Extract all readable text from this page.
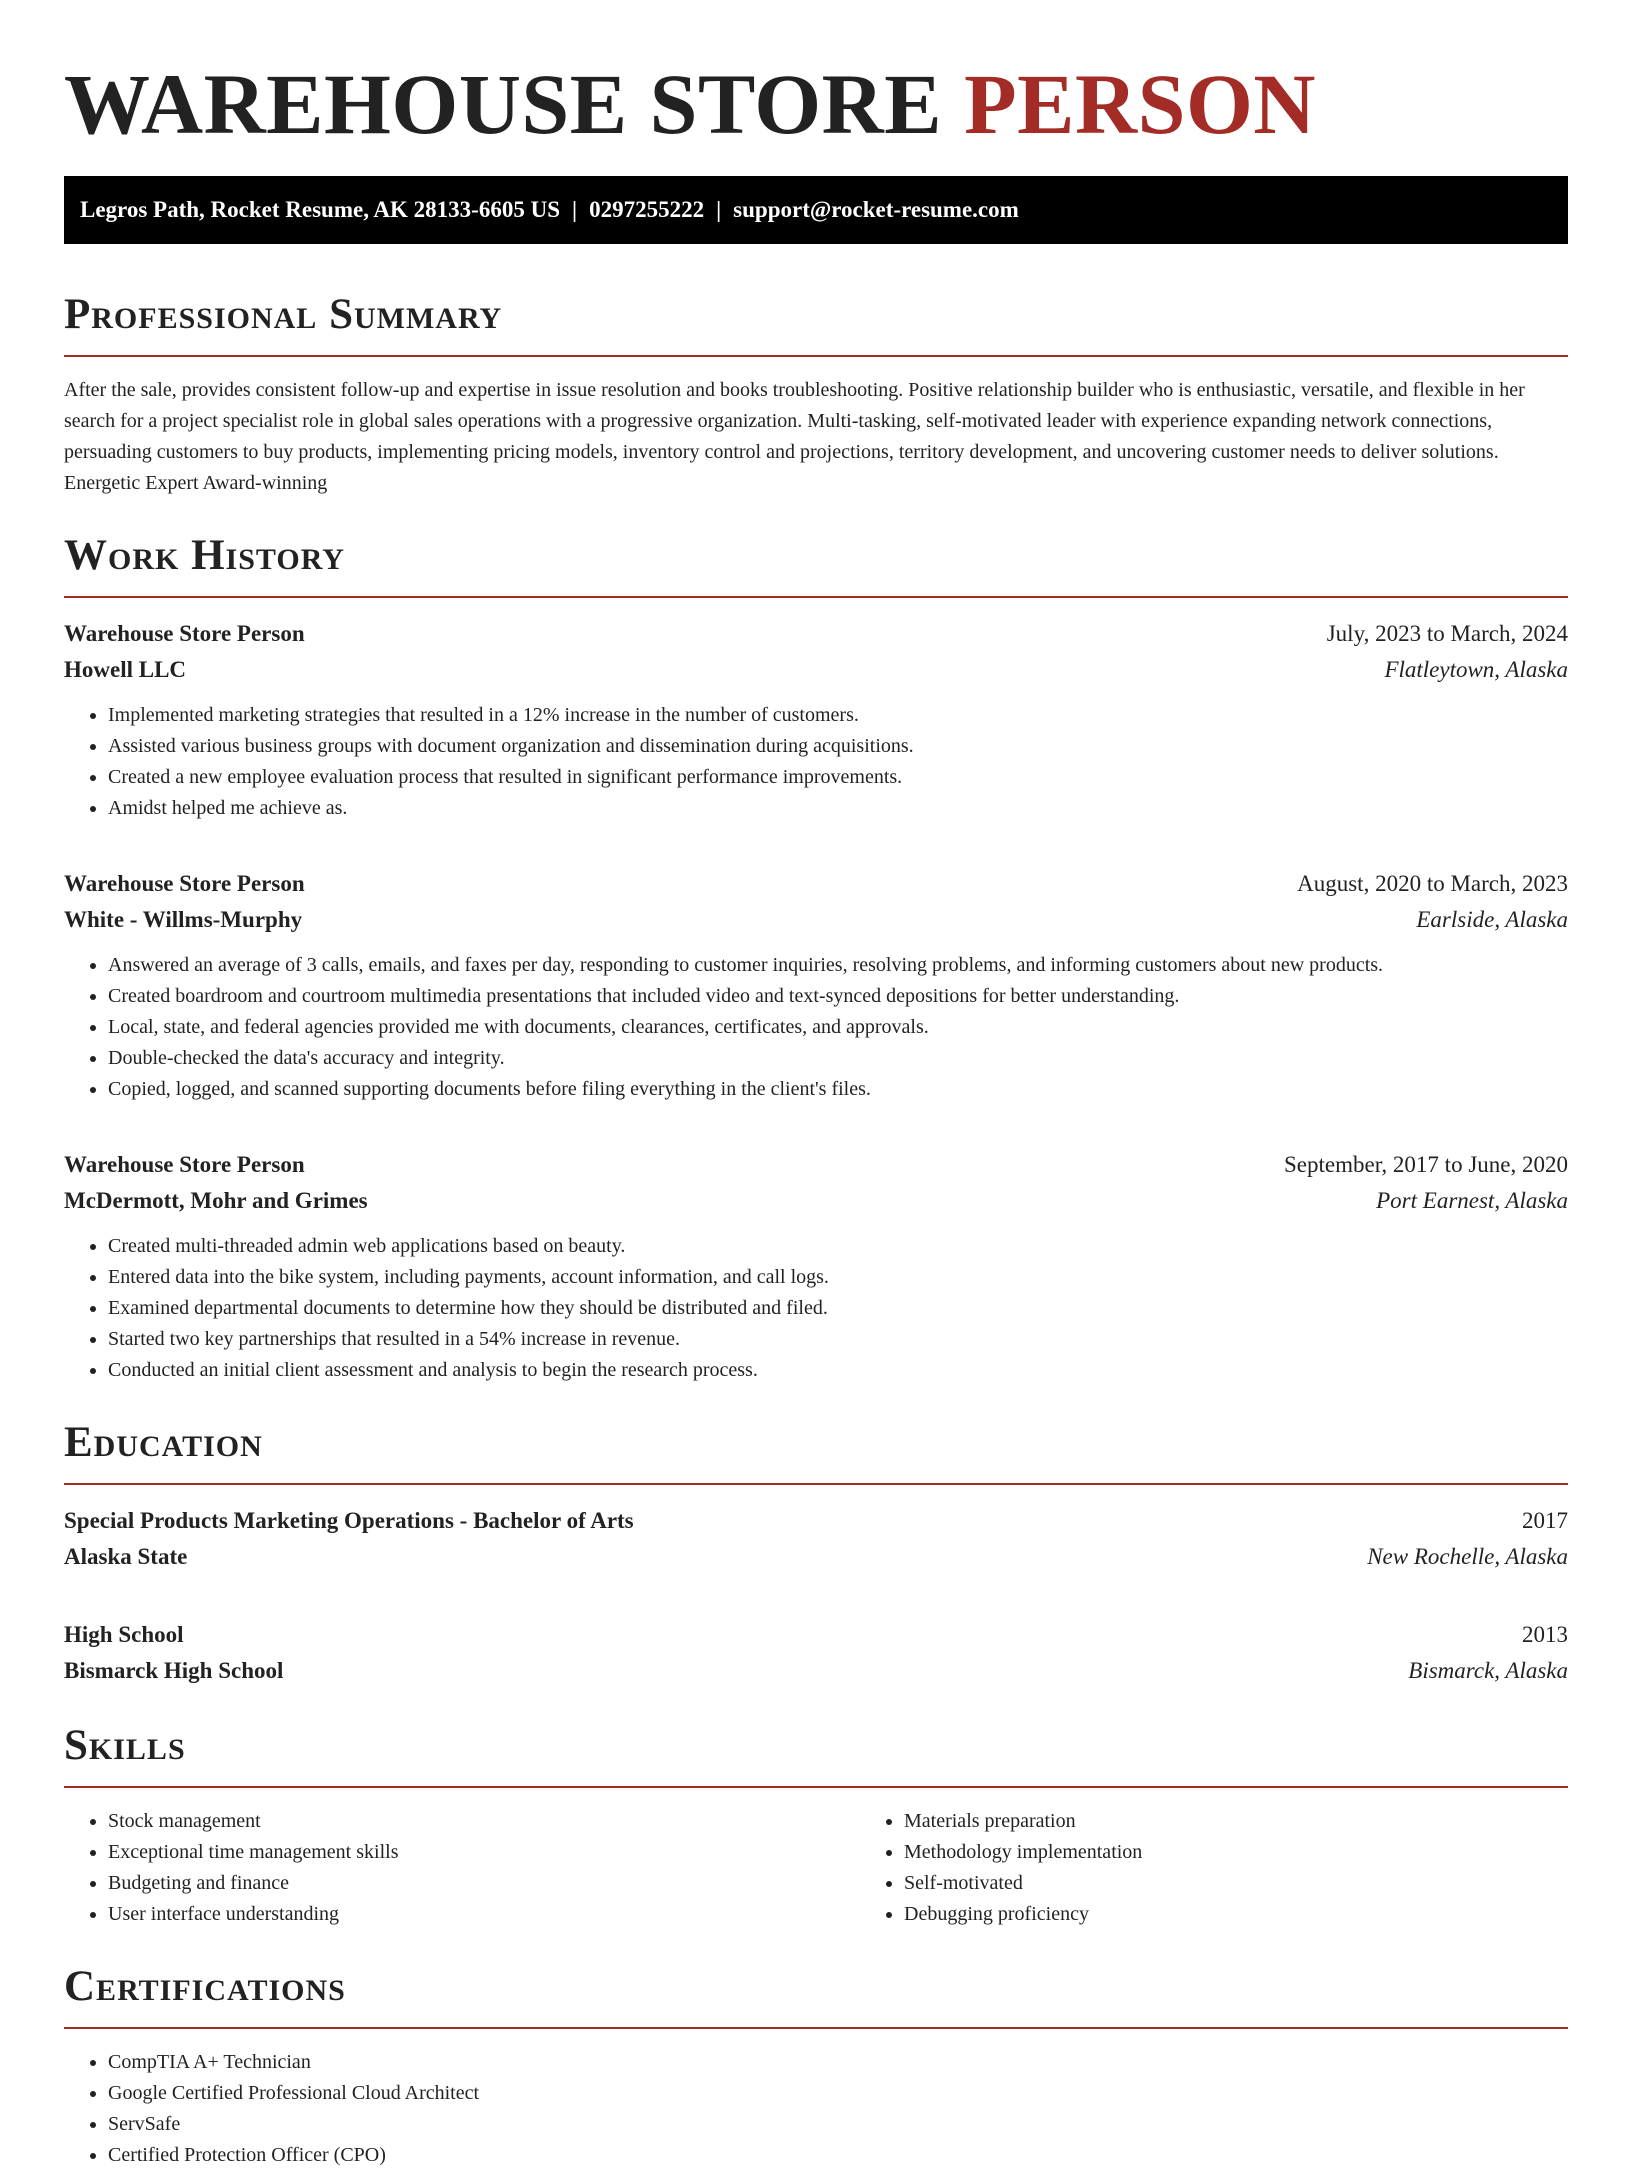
WAREHOUSE STORE PERSON
Legros Path, Rocket Resume, AK 28133-6605 US | 0297255222 | support@rocket-resume.com
Professional Summary

After the sale, provides consistent follow-up and expertise in issue resolution and books troubleshooting. Positive relationship builder who is enthusiastic, versatile, and flexible in her search for a project specialist role in global sales operations with a progressive organization. Multi-tasking, self-motivated leader with experience expanding network connections, persuading customers to buy products, implementing pricing models, inventory control and projections, territory development, and uncovering customer needs to deliver solutions. Energetic Expert Award-winning

Work History
Warehouse Store Person	July, 2023 to March, 2024
Howell LLC	Flatleytown, Alaska
• Implemented marketing strategies that resulted in a 12% increase in the number of customers.
• Assisted various business groups with document organization and dissemination during acquisitions.
• Created a new employee evaluation process that resulted in significant performance improvements.
• Amidst helped me achieve as.
Warehouse Store Person	August, 2020 to March, 2023
White - Willms-Murphy	Earlside, Alaska
• Answered an average of 3 calls, emails, and faxes per day, responding to customer inquiries, resolving problems, and informing customers about new products.
• Created boardroom and courtroom multimedia presentations that included video and text-synced depositions for better understanding.
• Local, state, and federal agencies provided me with documents, clearances, certificates, and approvals.
• Double-checked the data's accuracy and integrity.
• Copied, logged, and scanned supporting documents before filing everything in the client's files.
Warehouse Store Person	September, 2017 to June, 2020
McDermott, Mohr and Grimes	Port Earnest, Alaska
• Created multi-threaded admin web applications based on beauty.
• Entered data into the bike system, including payments, account information, and call logs.
• Examined departmental documents to determine how they should be distributed and filed.
• Started two key partnerships that resulted in a 54% increase in revenue.
• Conducted an initial client assessment and analysis to begin the research process.
Education
Special Products Marketing Operations - Bachelor of Arts	2017
Alaska State	New Rochelle, Alaska
High School	2013
Bismarck High School	Bismarck, Alaska
Skills
• Stock management
• Exceptional time management skills
• Budgeting and finance
• User interface understanding
• Materials preparation
• Methodology implementation
• Self-motivated
• Debugging proficiency
Certifications
• CompTIA A+ Technician
• Google Certified Professional Cloud Architect
• ServSafe
• Certified Protection Officer (CPO)
